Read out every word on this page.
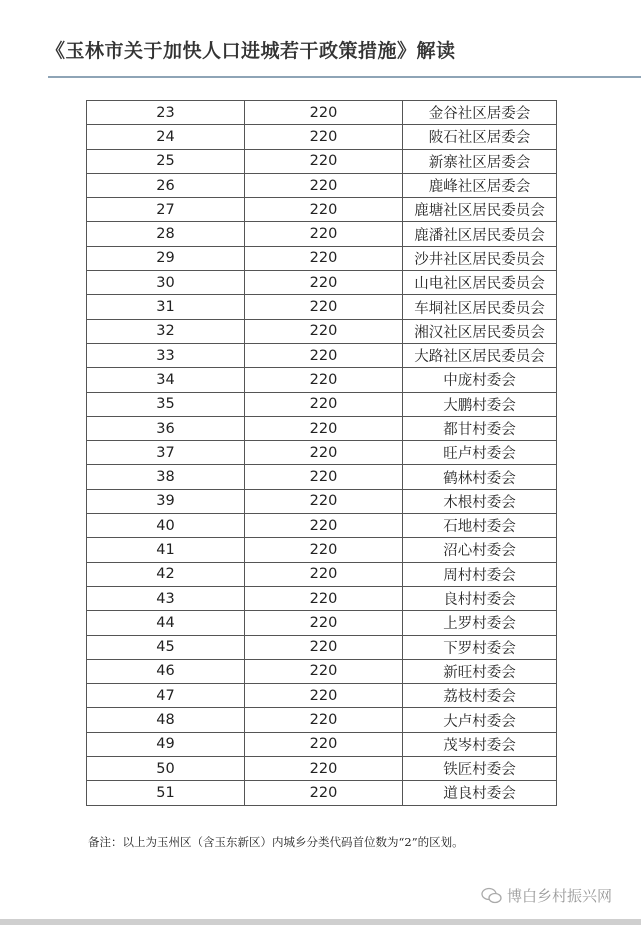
《玉林市关于加快人口进城若干政策措施》解读
23	220	金谷社区居委会
24	220	陂石社区居委会
25	220	新寨社区居委会
26	220	鹿峰社区居委会
27	220	鹿塘社区居民委员会
28	220	鹿潘社区居民委员会
29	220	沙井社区居民委员会
30	220	山电社区居民委员会
31	220	车垌社区居民委员会
32	220	湘汉社区居民委员会
33	220	大路社区居民委员会
34	220	中庞村委会
35	220	大鹏村委会
36	220	都甘村委会
37	220	旺卢村委会
38	220	鹤林村委会
39	220	木根村委会
40	220	石地村委会
41	220	沼心村委会
42	220	周村村委会
43	220	良村村委会
44	220	上罗村委会
45	220	下罗村委会
46	220	新旺村委会
47	220	荔枝村委会
48	220	大卢村委会
49	220	茂岑村委会
50	220	铁匠村委会
51	220	道良村委会
备注：以上为玉州区（含玉东新区）内城乡分类代码首位数为“2”的区划。
博白乡村振兴网
